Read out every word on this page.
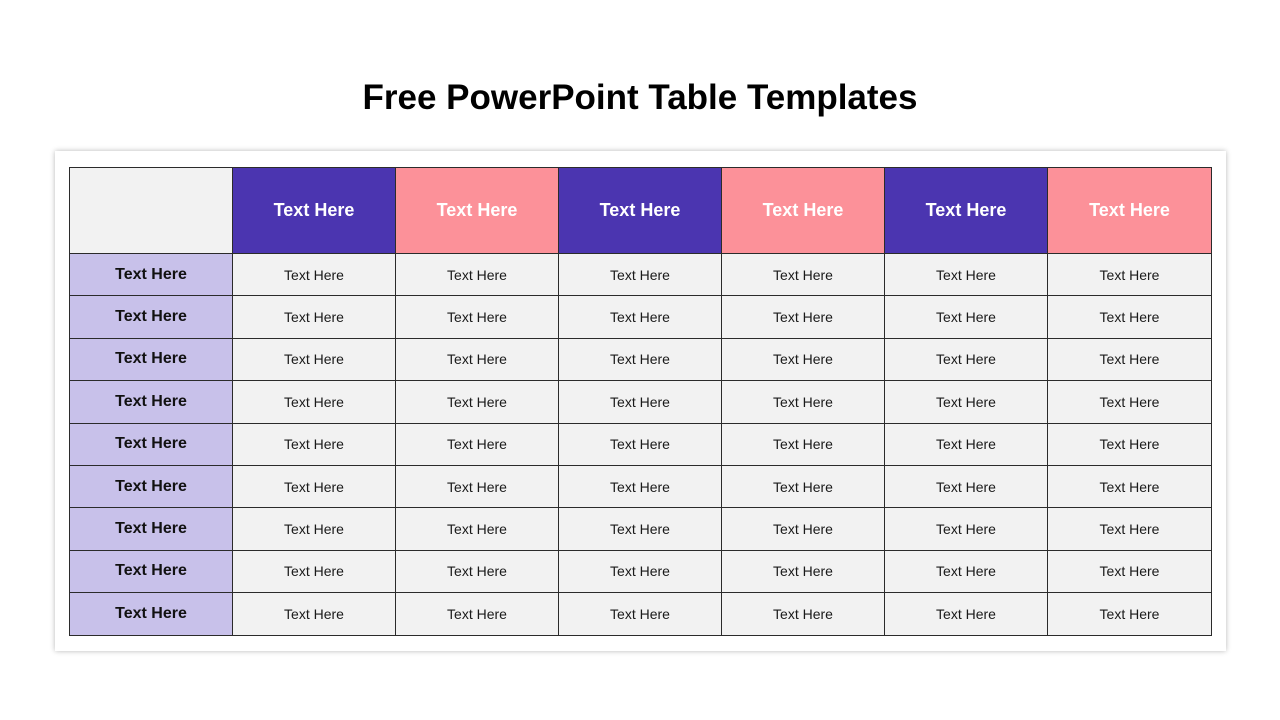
Free PowerPoint Table Templates
	Text Here	Text Here	Text Here	Text Here	Text Here	Text Here
Text Here	Text Here	Text Here	Text Here	Text Here	Text Here	Text Here
Text Here	Text Here	Text Here	Text Here	Text Here	Text Here	Text Here
Text Here	Text Here	Text Here	Text Here	Text Here	Text Here	Text Here
Text Here	Text Here	Text Here	Text Here	Text Here	Text Here	Text Here
Text Here	Text Here	Text Here	Text Here	Text Here	Text Here	Text Here
Text Here	Text Here	Text Here	Text Here	Text Here	Text Here	Text Here
Text Here	Text Here	Text Here	Text Here	Text Here	Text Here	Text Here
Text Here	Text Here	Text Here	Text Here	Text Here	Text Here	Text Here
Text Here	Text Here	Text Here	Text Here	Text Here	Text Here	Text Here
